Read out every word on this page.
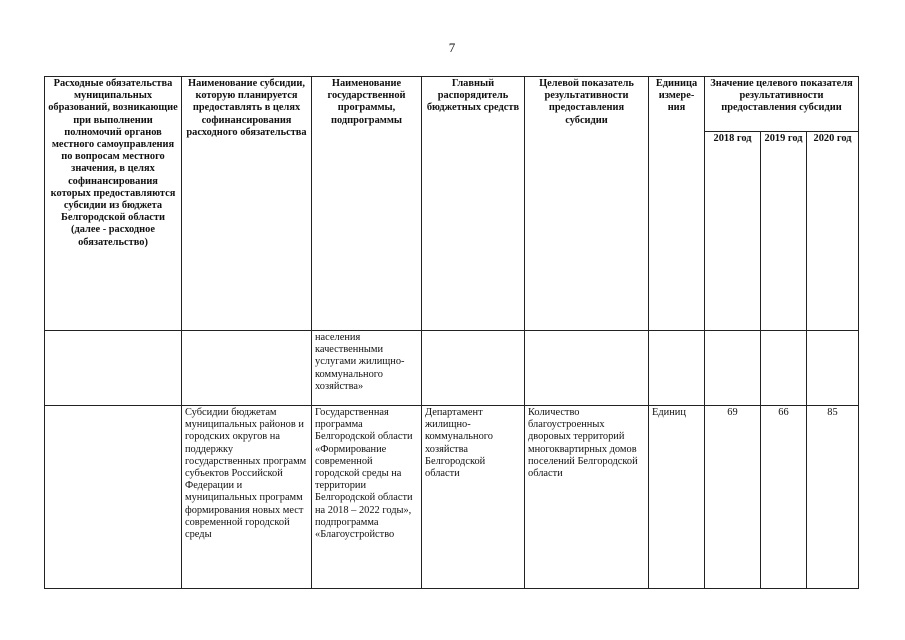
7
Расходные обязательства муниципальных образований, возникающие при выполнении полномочий органов местного самоуправления по вопросам местного значения, в целях софинансирования которых предоставляются субсидии из бюджета Белгородской области (далее - расходное обязательство)	Наименование субсидии, которую планируется предоставлять в целях софинансирования расходного обязательства	Наименование государственной программы, подпрограммы	Главный распорядитель бюджетных средств	Целевой показатель результативности предоставления субсидии	Единица измере-ния	Значение целевого показателя результативности предоставления субсидии		
						2018 год	2019 год	2020 год
		населения качественными услугами жилищно-коммунального хозяйства»						
	Субсидии бюджетам муниципальных районов и городских округов на поддержку государственных программ субъектов Российской Федерации и муниципальных программ формирования новых мест современной городской среды	Государственная программа Белгородской области «Формирование современной городской среды на территории Белгородской области на 2018 – 2022 годы», подпрограмма «Благоустройство	Департамент жилищно-коммунального хозяйства Белгородской области	Количество благоустроенных дворовых территорий многоквартирных домов поселений Белгородской области	Единиц	69	66	85
